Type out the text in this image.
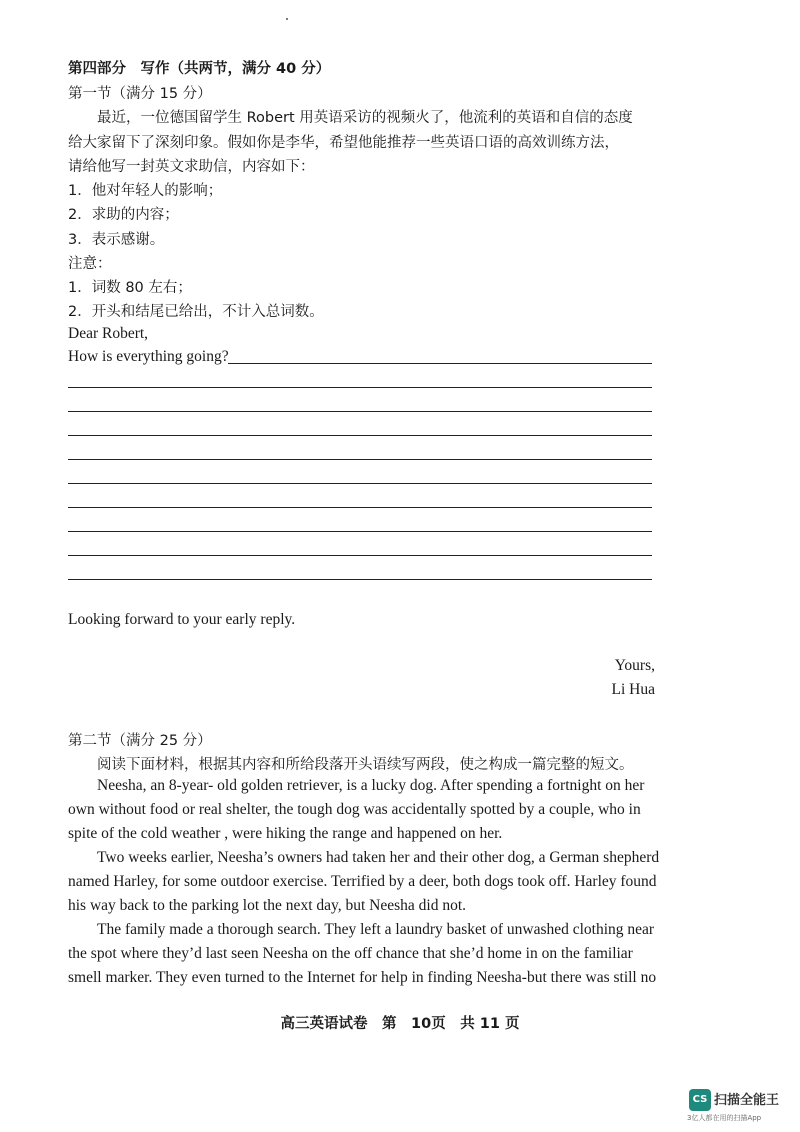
第四部分　写作（共两节，满分 40 分）
第一节（满分 15 分）
最近，一位德国留学生 Robert 用英语采访的视频火了，他流利的英语和自信的态度
给大家留下了深刻印象。假如你是李华，希望他能推荐一些英语口语的高效训练方法，
请给他写一封英文求助信，内容如下：
1．他对年轻人的影响；
2．求助的内容；
3．表示感谢。
注意：
1．词数 80 左右；
2．开头和结尾已给出，不计入总词数。
Dear Robert,
How is everything going?
Looking forward to your early reply.
Yours,
Li Hua
第二节（满分 25 分）
阅读下面材料，根据其内容和所给段落开头语续写两段，使之构成一篇完整的短文。
Neesha, an 8-year- old golden retriever, is a lucky dog. After spending a fortnight on her
own without food or real shelter, the tough dog was accidentally spotted by a couple, who in
spite of the cold weather , were hiking the range and happened on her.
Two weeks earlier, Neesha’s owners had taken her and their other dog, a German shepherd
named Harley, for some outdoor exercise. Terrified by a deer, both dogs took off. Harley found
his way back to the parking lot the next day, but Neesha did not.
The family made a thorough search. They left a laundry basket of unwashed clothing near
the spot where they’d last seen Neesha on the off chance that she’d home in on the familiar
smell marker. They even turned to the Internet for help in finding Neesha-but there was still no
高三英语试卷　第　10页　共 11 页
CS 扫描全能王
3亿人都在用的扫描App
